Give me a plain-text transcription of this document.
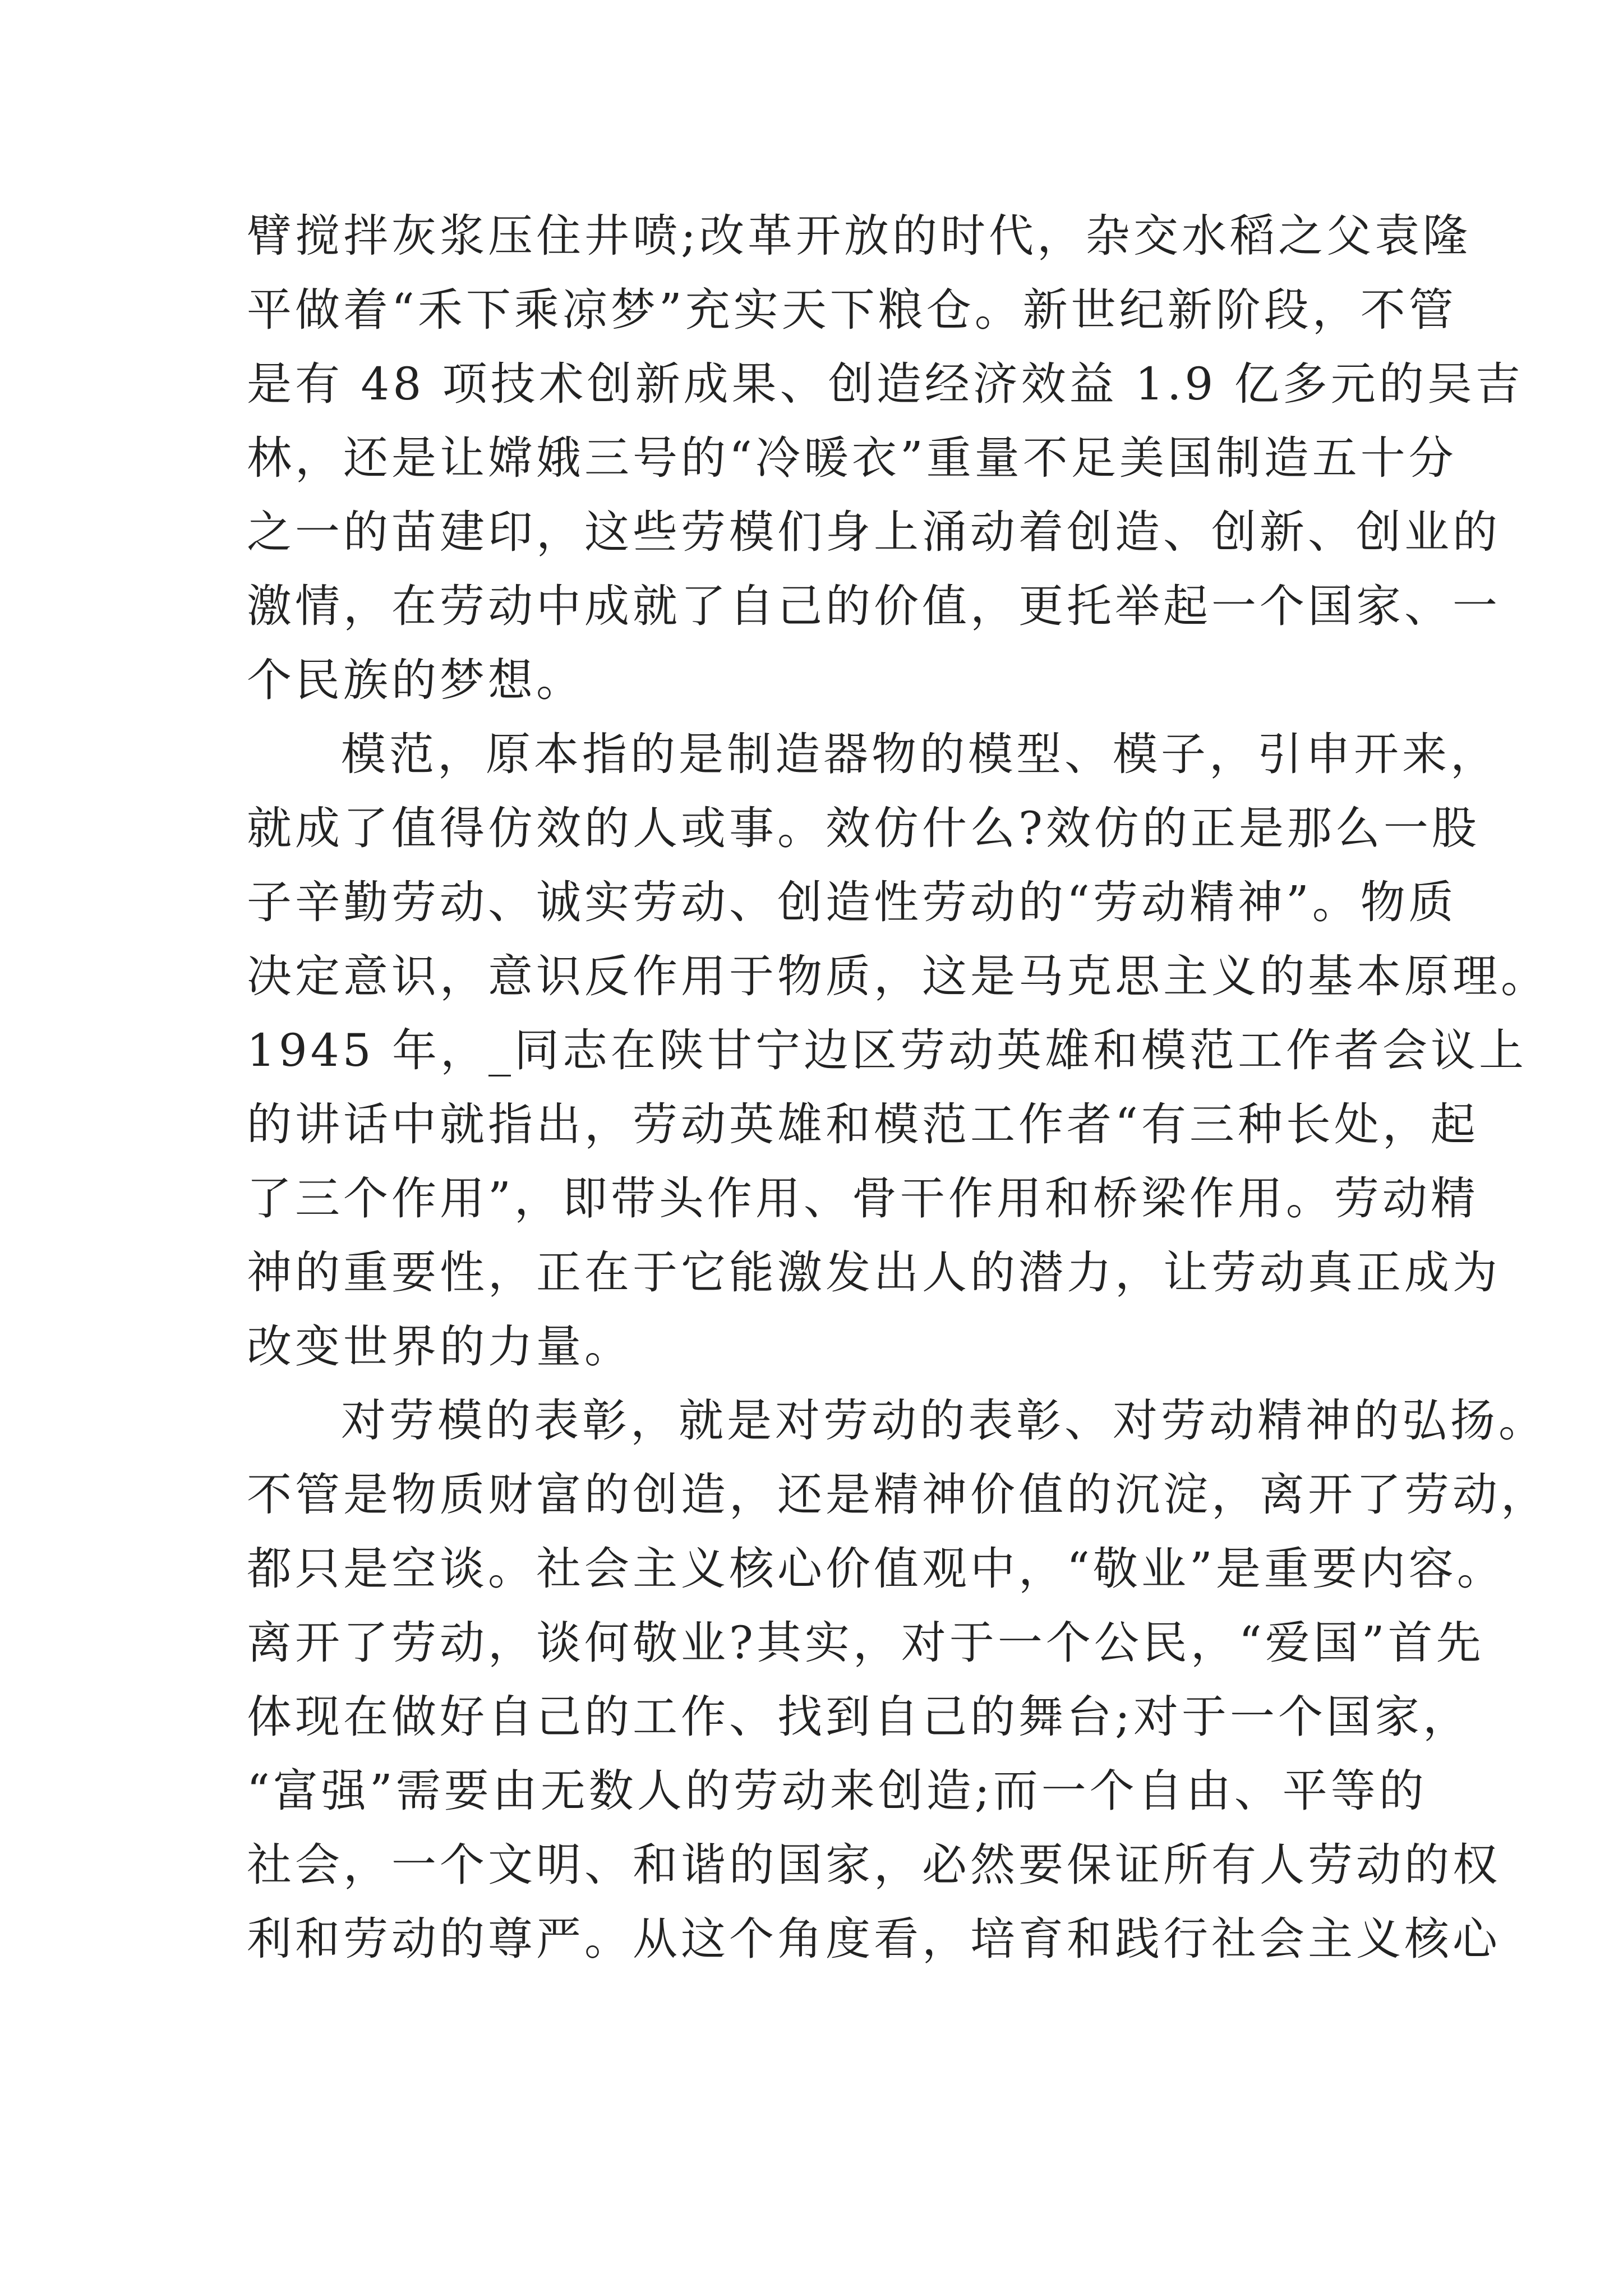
臂搅拌灰浆压住井喷;改革开放的时代，杂交水稻之父袁隆
平做着“禾下乘凉梦”充实天下粮仓。新世纪新阶段，不管
是有 48 项技术创新成果、创造经济效益 1.9 亿多元的吴吉
林，还是让嫦娥三号的“冷暖衣”重量不足美国制造五十分
之一的苗建印，这些劳模们身上涌动着创造、创新、创业的
激情，在劳动中成就了自己的价值，更托举起一个国家、一
个民族的梦想。
模范，原本指的是制造器物的模型、模子，引申开来，
就成了值得仿效的人或事。效仿什么?效仿的正是那么一股
子辛勤劳动、诚实劳动、创造性劳动的“劳动精神”。物质
决定意识，意识反作用于物质，这是马克思主义的基本原理。
1945 年，_同志在陕甘宁边区劳动英雄和模范工作者会议上
的讲话中就指出，劳动英雄和模范工作者“有三种长处，起
了三个作用”，即带头作用、骨干作用和桥梁作用。劳动精
神的重要性，正在于它能激发出人的潜力，让劳动真正成为
改变世界的力量。
对劳模的表彰，就是对劳动的表彰、对劳动精神的弘扬。
不管是物质财富的创造，还是精神价值的沉淀，离开了劳动，
都只是空谈。社会主义核心价值观中，“敬业”是重要内容。
离开了劳动，谈何敬业?其实，对于一个公民，“爱国”首先
体现在做好自己的工作、找到自己的舞台;对于一个国家，
“富强”需要由无数人的劳动来创造;而一个自由、平等的
社会，一个文明、和谐的国家，必然要保证所有人劳动的权
利和劳动的尊严。从这个角度看，培育和践行社会主义核心
